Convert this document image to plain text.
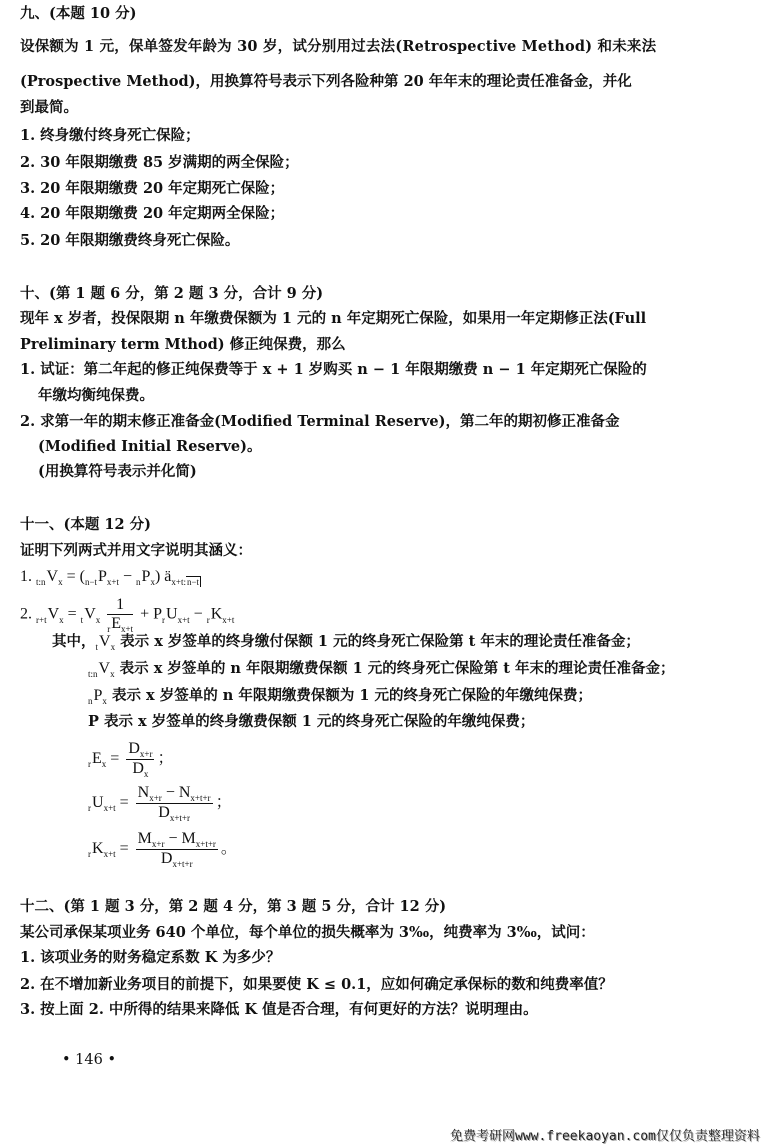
九、(本题 10 分)
设保额为 1 元，保单签发年龄为 30 岁，试分别用过去法(Retrospective Method) 和未来法
(Prospective Method)，用换算符号表示下列各险种第 20 年年末的理论责任准备金，并化
到最简。
1. 终身缴付终身死亡保险；
2. 30 年限期缴费 85 岁满期的两全保险；
3. 20 年限期缴费 20 年定期死亡保险；
4. 20 年限期缴费 20 年定期两全保险；
5. 20 年限期缴费终身死亡保险。
十、(第 1 题 6 分，第 2 题 3 分，合计 9 分)
现年 x 岁者，投保限期 n 年缴费保额为 1 元的 n 年定期死亡保险，如果用一年定期修正法(Full
Preliminary term Mthod) 修正纯保费，那么
1. 试证：第二年起的修正纯保费等于 x + 1 岁购买 n − 1 年限期缴费 n − 1 年定期死亡保险的
年缴均衡纯保费。
2. 求第一年的期末修正准备金(Modified Terminal Reserve)，第二年的期初修正准备金
(Modified Initial Reserve)。
(用换算符号表示并化简)
十一、(本题 12 分)
证明下列两式并用文字说明其涵义：
1. $_{t:n}V_x = (_{n-t}P_{x+t} - _nP_x)$ $ä_{x+t:n-t}$
2. $_{r+t}V_x = _tV_x \frac{1}{_rE_{x+t}} + P_rU_{x+t} - _rK_{x+t}$
其中，$_tV_x$ 表示 x 岁签单的终身缴付保额 1 元的终身死亡保险第 t 年末的理论责任准备金；
$_{t:n}V_x$ 表示 x 岁签单的 n 年限期缴费保额 1 元的终身死亡保险第 t 年末的理论责任准备金；
$_nP_x$ 表示 x 岁签单的 n 年限期缴费保额为 1 元的终身死亡保险的年缴纯保费；
P 表示 x 岁签单的终身缴费保额 1 元的终身死亡保险的年缴纯保费；
$_rE_x = \frac{D_{x+r}}{D_x}$ ；
$_rU_{x+t} = \frac{N_{x+r} - N_{x+t+r}}{D_{x+t+r}}$ ；
$_rK_{x+t} = \frac{M_{x+r} - M_{x+t+r}}{D_{x+t+r}}$ 。
十二、(第 1 题 3 分，第 2 题 4 分，第 3 题 5 分，合计 12 分)
某公司承保某项业务 640 个单位，每个单位的损失概率为 3‰，纯费率为 3‰，试问：
1. 该项业务的财务稳定系数 K 为多少？
2. 在不增加新业务项目的前提下，如果要使 K ≤ 0.1，应如何确定承保标的数和纯费率值？
3. 按上面 2. 中所得的结果来降低 K 值是否合理，有何更好的方法？说明理由。
• 146 •
免费考研网www.freekaoyan.com仅仅负责整理资料
